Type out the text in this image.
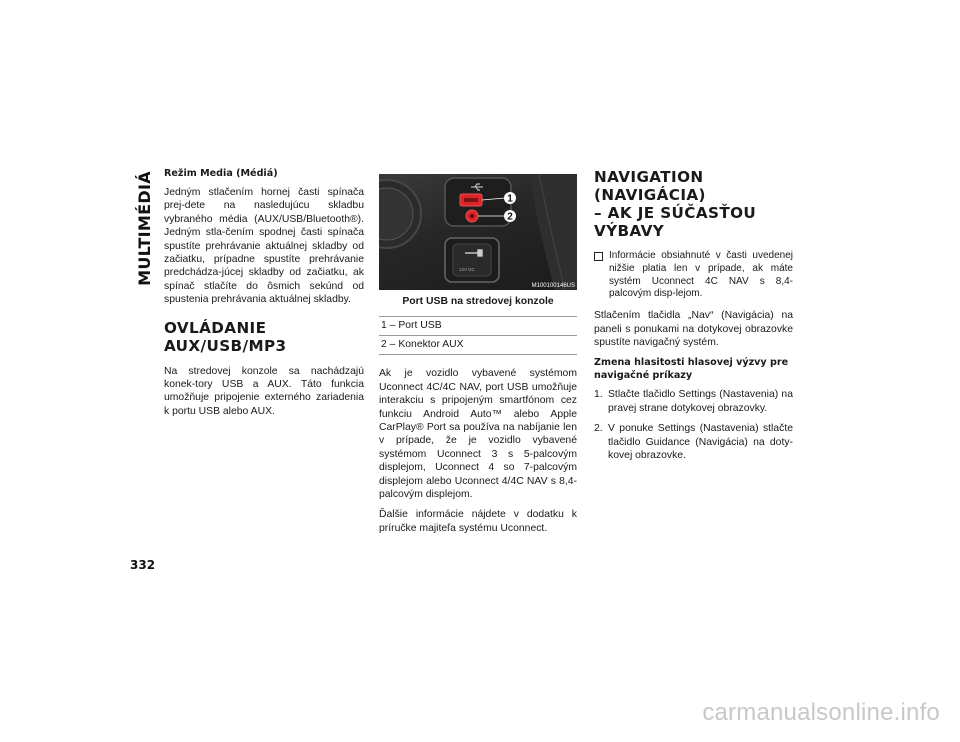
MULTIMÉDIÁ Režim Media (Médiá)

Jedným stlačením hornej časti spínača prej-dete na nasledujúcu skladbu vybraného média (AUX/USB/Bluetooth®). Jedným stla-čením spodnej časti spínača spustíte prehrávanie aktuálnej skladby od začiatku, prípadne spustíte prehrávanie predchádza-júcej skladby od začiatku, ak spínač stlačíte do ôsmich sekúnd od spustenia prehrávania aktuálnej skladby.

OVLÁDANIE AUX/USB/MP3

Na stredovej konzole sa nachádzajú konek-tory USB a AUX. Táto funkcia umožňuje pripojenie externého zariadenia k portu USB alebo AUX.

1
2
12V DC
M100100146US
Port USB na stredovej konzole
1 – Port USB
2 – Konektor AUX

Ak je vozidlo vybavené systémom Uconnect 4C/4C NAV, port USB umožňuje interakciu s pripojeným smartfónom cez funkciu Android Auto™ alebo Apple CarPlay® Port sa používa na nabíjanie len v prípade, že je vozidlo vybavené systémom Uconnect 3 s 5-palcovým displejom, Uconnect 4 so 7-palcovým displejom alebo Uconnect 4/4C NAV s 8,4-palcovým displejom.

Ďalšie informácie nájdete v dodatku k príručke majiteľa systému Uconnect.

NAVIGATION (NAVIGÁCIA)
– AK JE SÚČASŤOU VÝBAVY
Informácie obsiahnuté v časti uvedenej nižšie platia len v prípade, ak máte systém Uconnect 4C NAV s 8,4-palcovým disp-lejom.

Stlačením tlačidla „Nav“ (Navigácia) na paneli s ponukami na dotykovej obrazovke spustíte navigačný systém.

Zmena hlasitosti hlasovej výzvy pre
navigačné príkazy
1. Stlačte tlačidlo Settings (Nastavenia) na pravej strane dotykovej obrazovky.
2. V ponuke Settings (Nastavenia) stlačte tlačidlo Guidance (Navigácia) na doty-kovej obrazovke.
332
carmanualsonline.info
